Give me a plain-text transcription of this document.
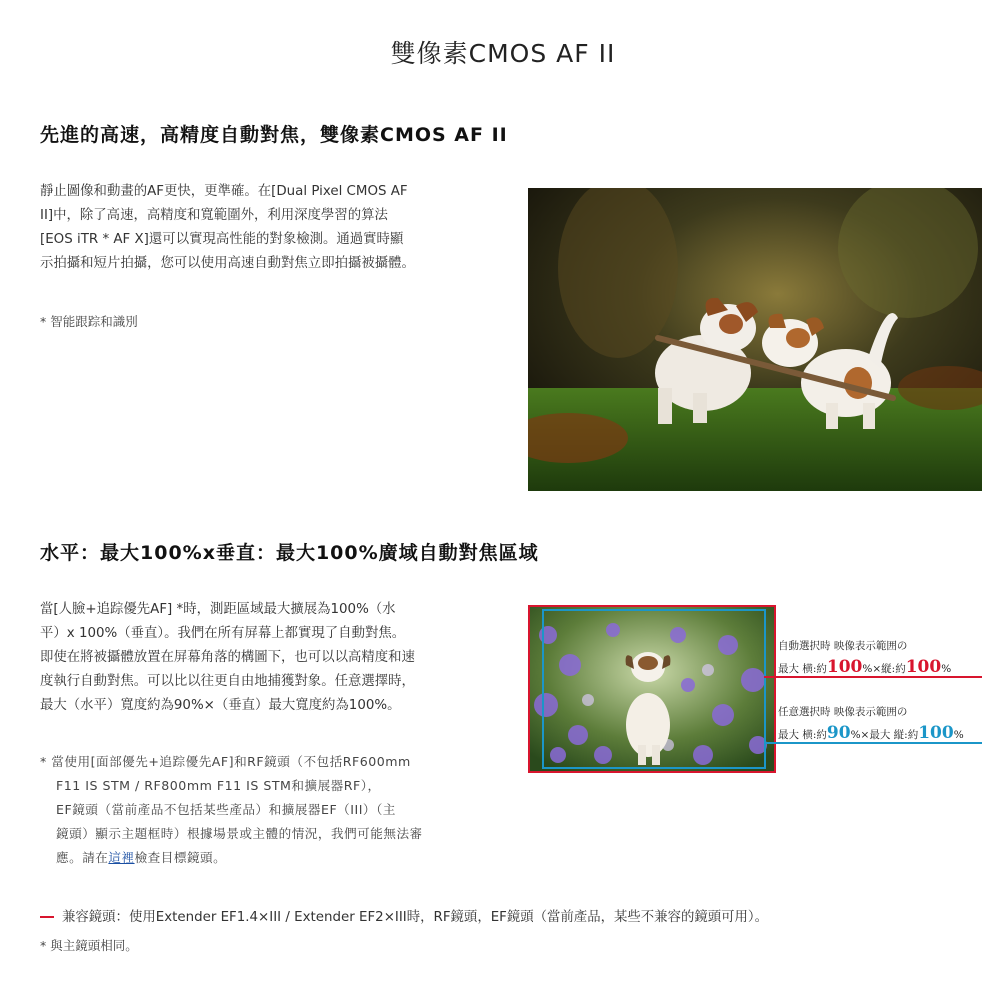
雙像素CMOS AF II
先進的高速，高精度自動對焦，雙像素CMOS AF II
靜止圖像和動畫的AF更快，更準確。在[Dual Pixel CMOS AF
II]中，除了高速，高精度和寬範圍外，利用深度學習的算法
[EOS iTR * AF X]還可以實現高性能的對象檢測。通過實時顯
示拍攝和短片拍攝，您可以使用高速自動對焦立即拍攝被攝體。
* 智能跟踪和識別
水平：最大100%x垂直：最大100%廣域自動對焦區域
當[人臉+追踪優先AF] *時，測距區域最大擴展為100%（水
平）x 100%（垂直）。我們在所有屏幕上都實現了自動對焦。
即使在將被攝體放置在屏幕角落的構圖下，也可以以高精度和速
度執行自動對焦。可以比以往更自由地捕獲對象。任意選擇時，
最大（水平）寬度約為90%×（垂直）最大寬度約為100%。
* 當使用[面部優先+追踪優先AF]和RF鏡頭（不包括RF600mm
F11 IS STM / RF800mm F11 IS STM和擴展器RF），
EF鏡頭（當前產品不包括某些產品）和擴展器EF（III）（主
鏡頭）顯示主題框時）根據場景或主體的情況，我們可能無法審
應。請在這裡檢查目標鏡頭。
自動選択時 映像表示範囲の
最大 横:約100%×縦:約100%
任意選択時 映像表示範囲の
最大 横:約90%×最大 縦:約100%
兼容鏡頭：使用Extender EF1.4×III / Extender EF2×III時，RF鏡頭，EF鏡頭（當前產品，某些不兼容的鏡頭可用）。
* 與主鏡頭相同。
